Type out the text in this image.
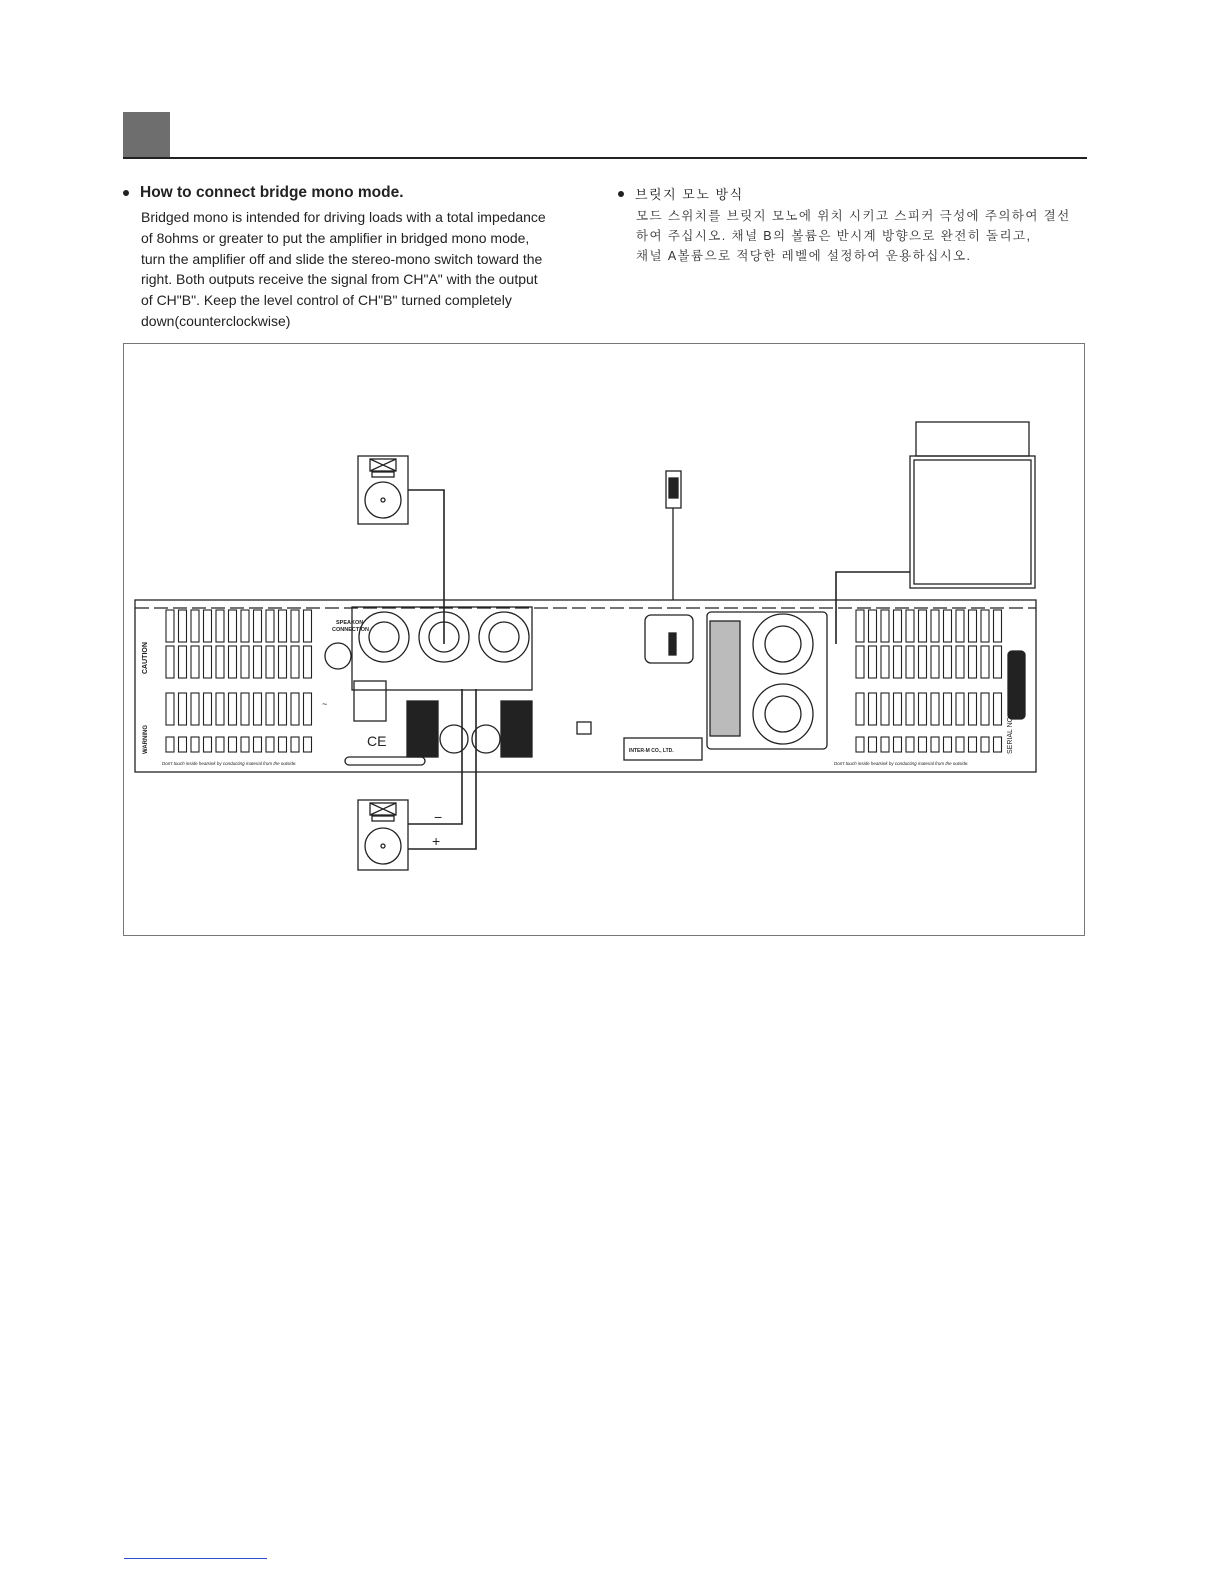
How to connect bridge mono mode.
Bridged mono is intended for driving loads with a total impedance
of 8ohms or greater to put the amplifier in bridged mono mode,
turn the amplifier off and slide the stereo-mono switch toward the
right. Both outputs receive the signal from CH"A" with the output
of CH"B". Keep the level control of CH"B" turned completely
down(counterclockwise)
브릿지 모노 방식
모드 스위치를 브릿지 모노에 위치 시키고 스피커 극성에 주의하여 결선
하여 주십시오. 채널 B의 볼륨은 반시계 방향으로 완전히 돌리고,
채널 A볼륨으로 적당한 레벨에 설정하여 운용하십시오.
SPEAKON
CONNECTION
CE
INTER-M CO., LTD.
Don't touch inside heatsink by conducting material from the outside.	Don't touch inside heatsink by conducting material from the outside.
−
+
~
CAUTION
WARNING	SERIAL NO.
